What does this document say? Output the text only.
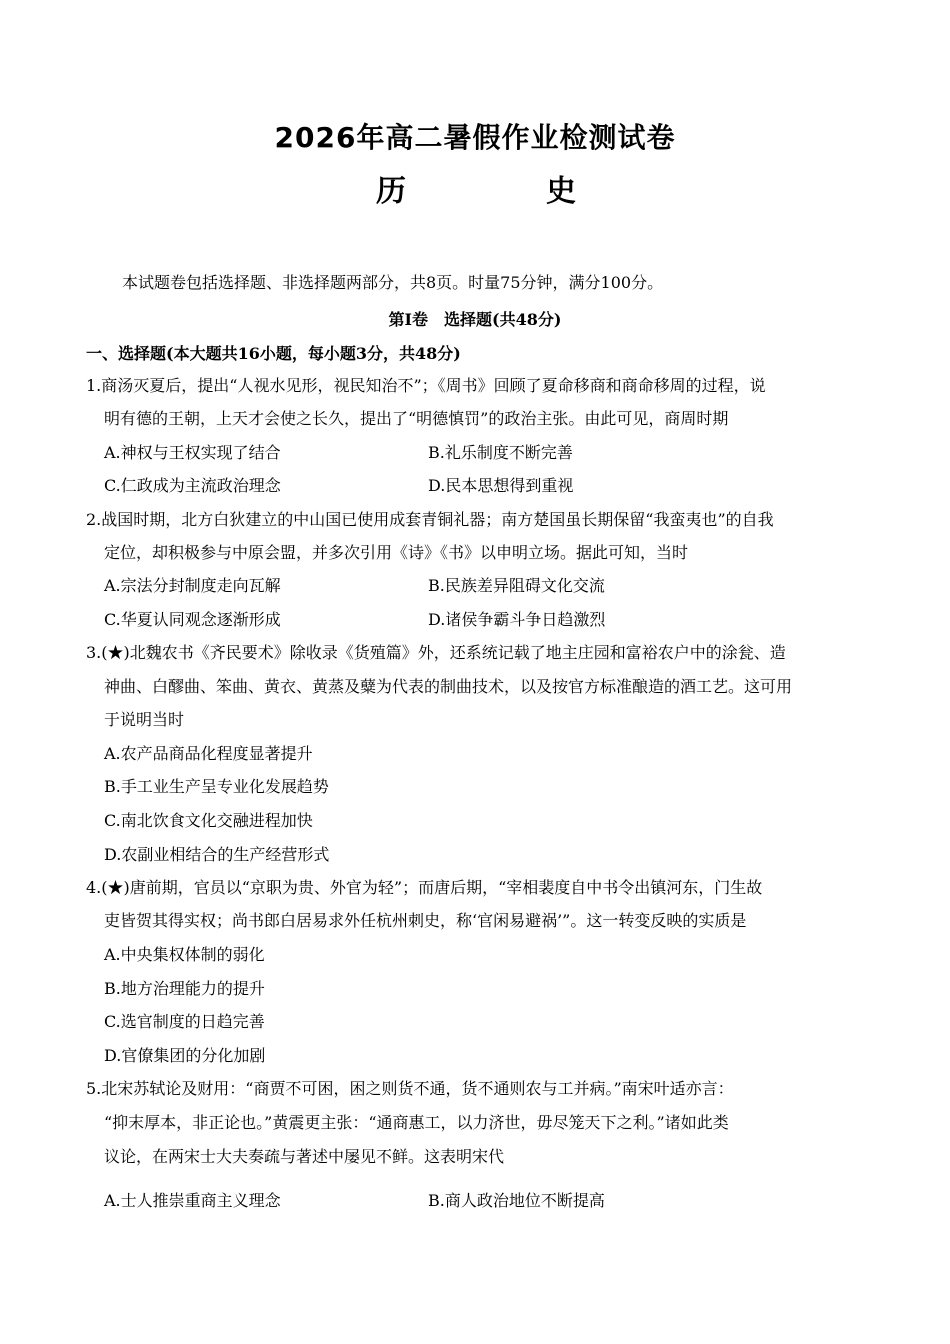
2026年高二暑假作业检测试卷
历	史
本试题卷包括选择题、非选择题两部分，共8页。时量75分钟，满分100分。
第Ⅰ卷　选择题(共48分)
一、选择题(本大题共16小题，每小题3分，共48分)
1.商汤灭夏后，提出“人视水见形，视民知治不”；《周书》回顾了夏命移商和商命移周的过程，说
明有德的王朝，上天才会使之长久，提出了“明德慎罚”的政治主张。由此可见，商周时期
A.神权与王权实现了结合	B.礼乐制度不断完善
C.仁政成为主流政治理念	D.民本思想得到重视
2.战国时期，北方白狄建立的中山国已使用成套青铜礼器；南方楚国虽长期保留“我蛮夷也”的自我
定位，却积极参与中原会盟，并多次引用《诗》《书》以申明立场。据此可知，当时
A.宗法分封制度走向瓦解	B.民族差异阻碍文化交流
C.华夏认同观念逐渐形成	D.诸侯争霸斗争日趋激烈
3.(★)北魏农书《齐民要术》除收录《货殖篇》外，还系统记载了地主庄园和富裕农户中的涂瓮、造
神曲、白醪曲、笨曲、黄衣、黄蒸及糵为代表的制曲技术，以及按官方标准酿造的酒工艺。这可用
于说明当时
A.农产品商品化程度显著提升
B.手工业生产呈专业化发展趋势
C.南北饮食文化交融进程加快
D.农副业相结合的生产经营形式
4.(★)唐前期，官员以“京职为贵、外官为轻”；而唐后期，“宰相裴度自中书令出镇河东，门生故
吏皆贺其得实权；尚书郎白居易求外任杭州刺史，称‘官闲易避祸’”。这一转变反映的实质是
A.中央集权体制的弱化
B.地方治理能力的提升
C.选官制度的日趋完善
D.官僚集团的分化加剧
5.北宋苏轼论及财用：“商贾不可困，困之则货不通，货不通则农与工并病。”南宋叶适亦言：
“抑末厚本，非正论也。”黄震更主张：“通商惠工，以力济世，毋尽笼天下之利。”诸如此类
议论，在两宋士大夫奏疏与著述中屡见不鲜。这表明宋代
A.士人推崇重商主义理念	B.商人政治地位不断提高
